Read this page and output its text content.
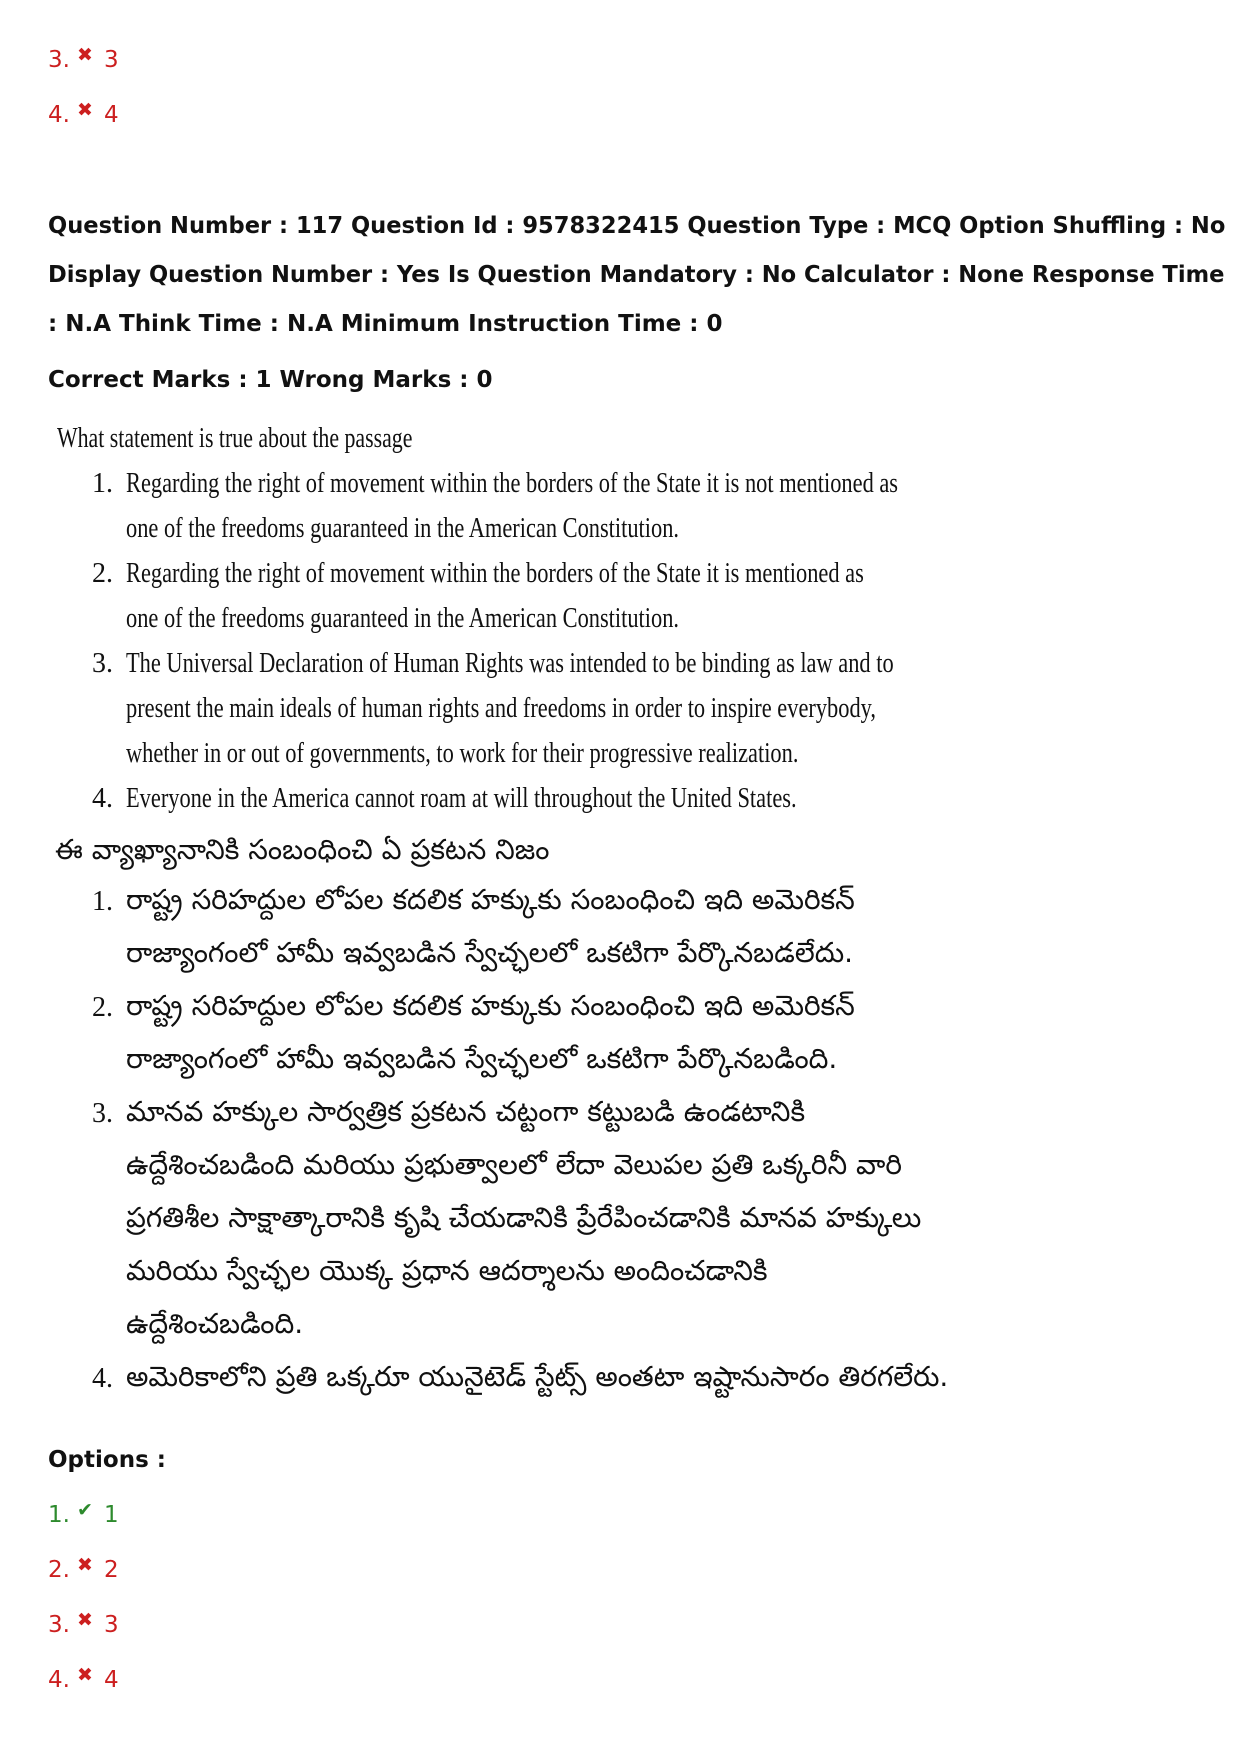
3. ✖ 3
4. ✖ 4
Question Number : 117 Question Id : 9578322415 Question Type : MCQ Option Shuffling : No
Display Question Number : Yes Is Question Mandatory : No Calculator : None Response Time
: N.A Think Time : N.A Minimum Instruction Time : 0
Correct Marks : 1 Wrong Marks : 0
What statement is true about the passage
1. Regarding the right of movement within the borders of the State it is not mentioned as
one of the freedoms guaranteed in the American Constitution.
2. Regarding the right of movement within the borders of the State it is mentioned as
one of the freedoms guaranteed in the American Constitution.
3. The Universal Declaration of Human Rights was intended to be binding as law and to
present the main ideals of human rights and freedoms in order to inspire everybody,
whether in or out of governments, to work for their progressive realization.
4. Everyone in the America cannot roam at will throughout the United States.
ఈ వ్యాఖ్యానానికి సంబంధించి ఏ ప్రకటన నిజం
1. రాష్ట్ర సరిహద్దుల లోపల కదలిక హక్కుకు సంబంధించి ఇది అమెరికన్
రాజ్యాంగంలో హామీ ఇవ్వబడిన స్వేచ్ఛలలో ఒకటిగా పేర్కొనబడలేదు.
2. రాష్ట్ర సరిహద్దుల లోపల కదలిక హక్కుకు సంబంధించి ఇది అమెరికన్
రాజ్యాంగంలో హామీ ఇవ్వబడిన స్వేచ్ఛలలో ఒకటిగా పేర్కొనబడింది.
3. మానవ హక్కుల సార్వత్రిక ప్రకటన చట్టంగా కట్టుబడి ఉండటానికి
ఉద్దేశించబడింది మరియు ప్రభుత్వాలలో లేదా వెలుపల ప్రతి ఒక్కరినీ వారి
ప్రగతిశీల సాక్షాత్కారానికి కృషి చేయడానికి ప్రేరేపించడానికి మానవ హక్కులు
మరియు స్వేచ్ఛల యొక్క ప్రధాన ఆదర్శాలను అందించడానికి
ఉద్దేశించబడింది.
4. అమెరికాలోని ప్రతి ఒక్కరూ యునైటెడ్ స్టేట్స్ అంతటా ఇష్టానుసారం తిరగలేరు.
Options :
1. ✔ 1
2. ✖ 2
3. ✖ 3
4. ✖ 4
